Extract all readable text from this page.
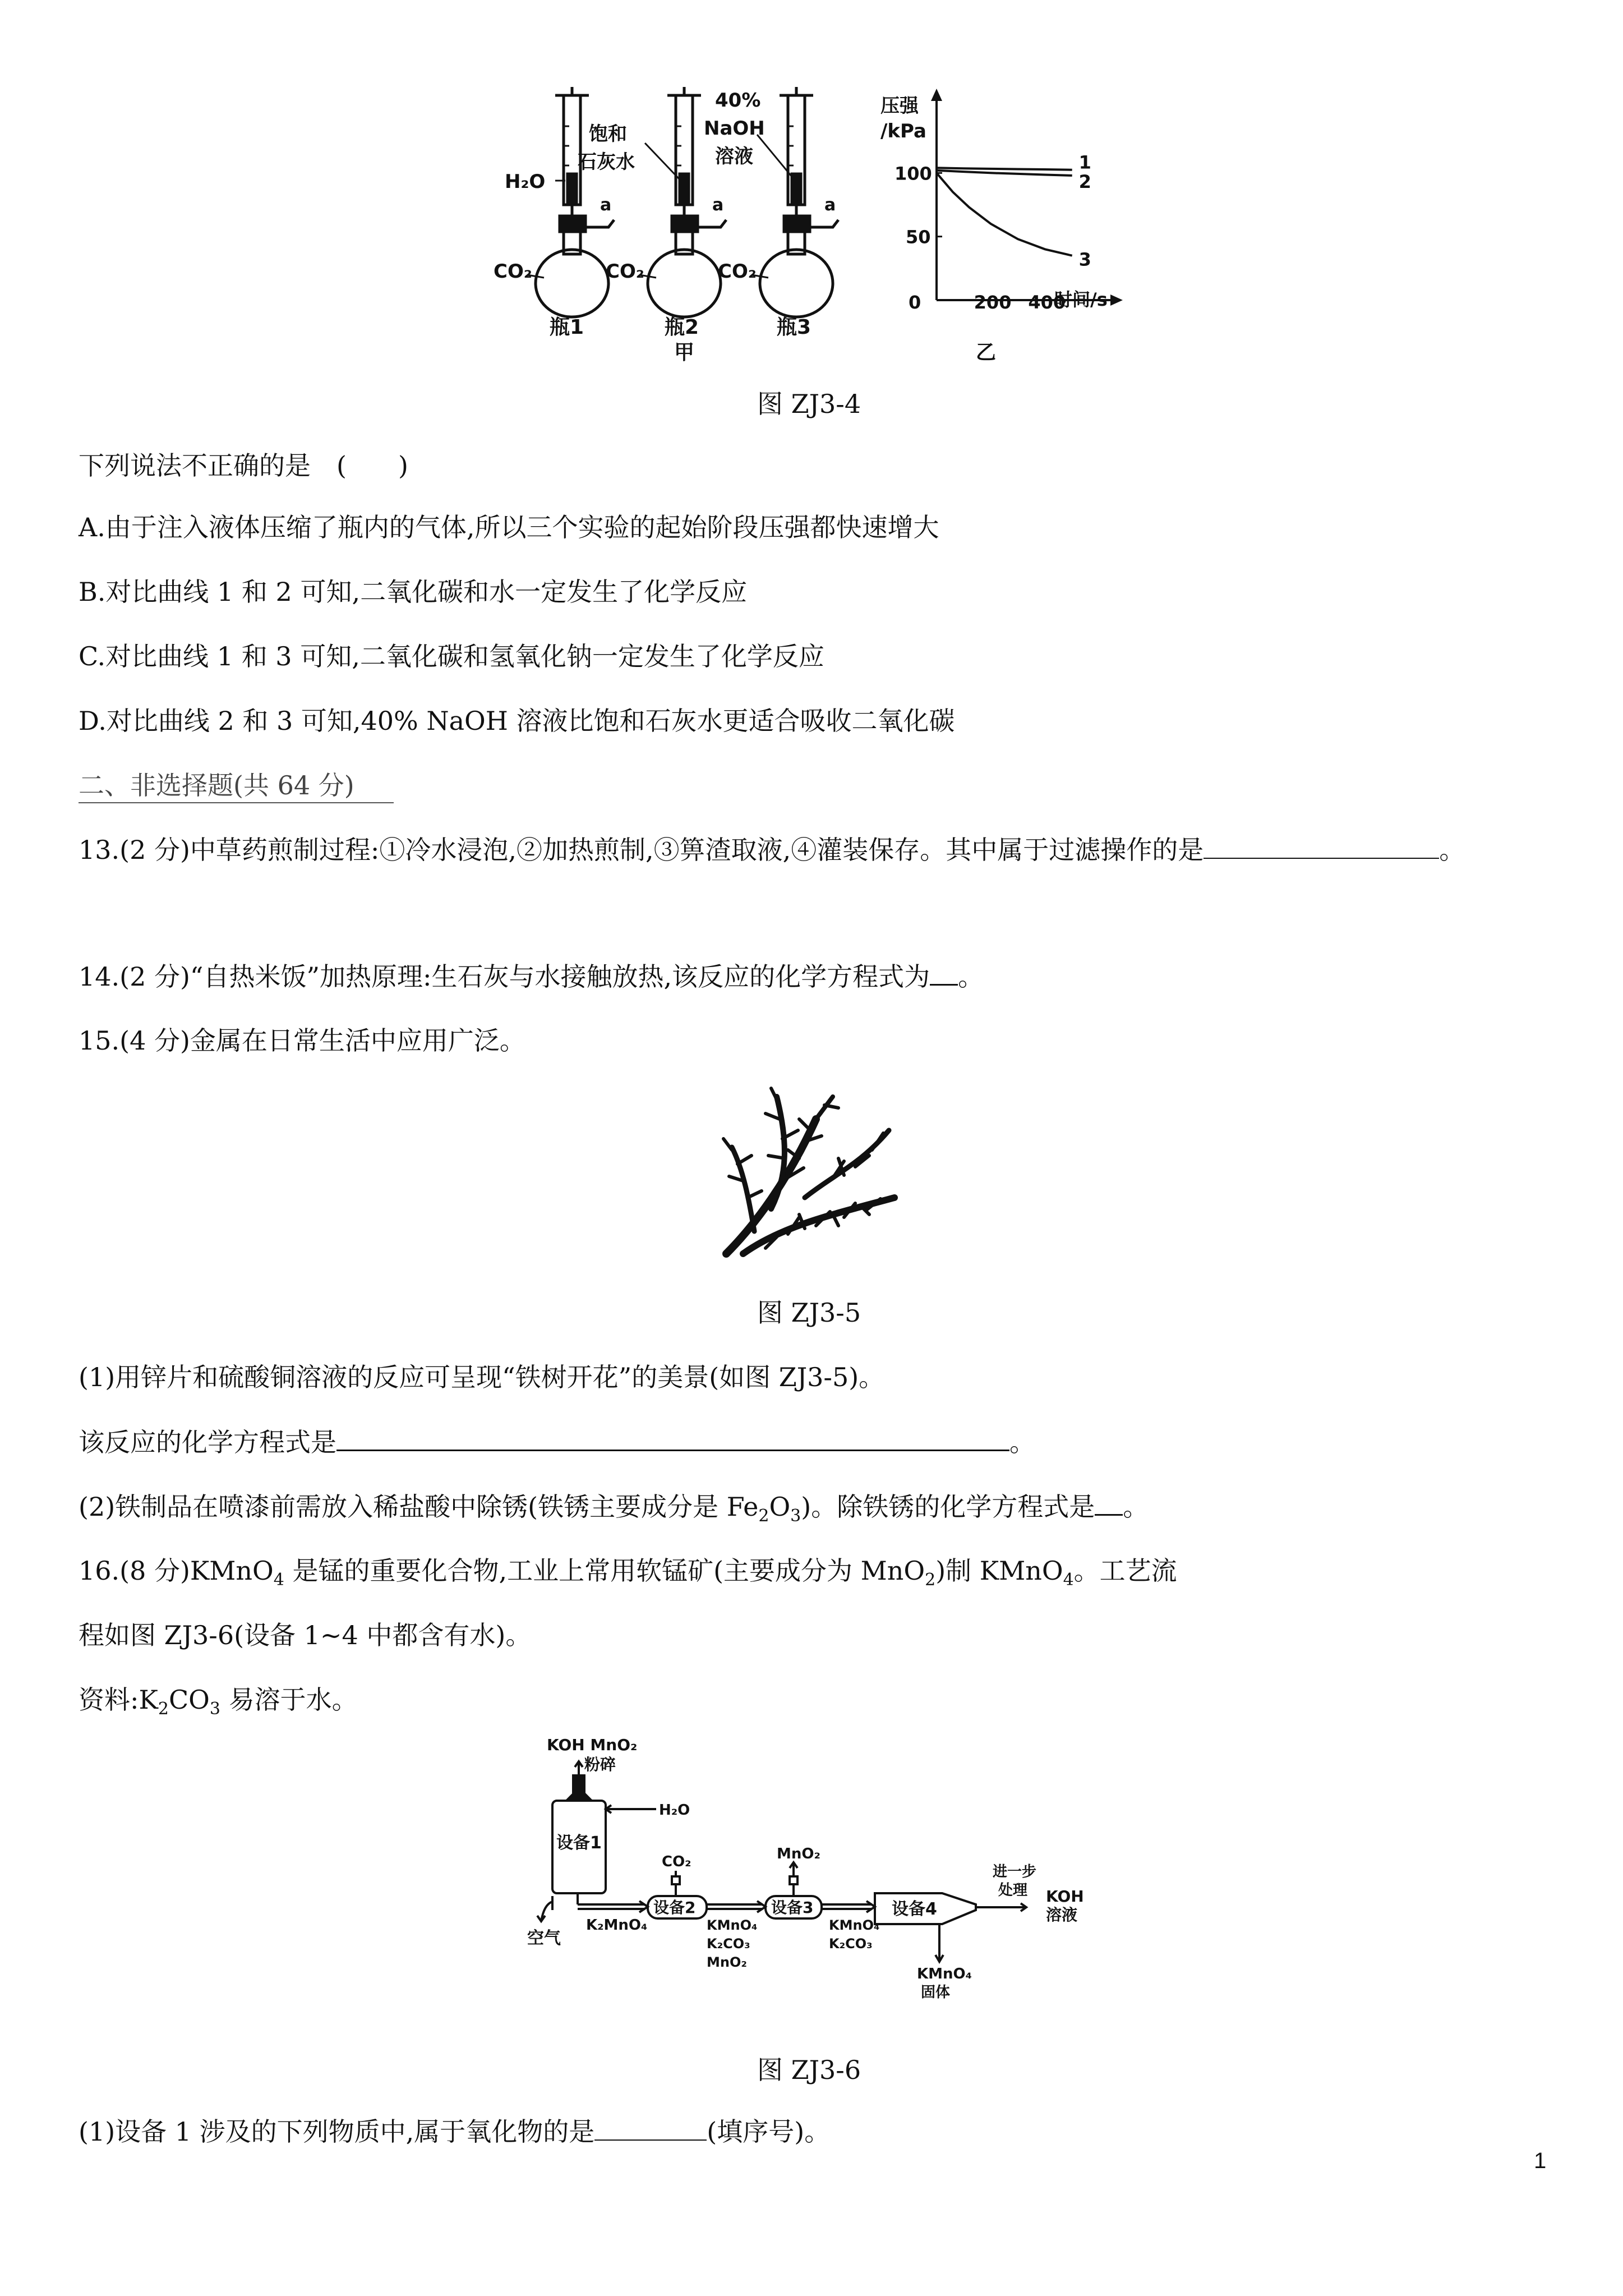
H₂O
饱和
石灰水
40%
NaOH
溶液
a	a	a
CO₂	CO₂	CO₂
瓶1	瓶2	瓶3
甲
压强
/kPa
时间/s
乙
0	200 400
50
100
1
2
3
图 ZJ3-4
下列说法不正确的是　(　　)
A.由于注入液体压缩了瓶内的气体,所以三个实验的起始阶段压强都快速增大
B.对比曲线 1 和 2 可知,二氧化碳和水一定发生了化学反应
C.对比曲线 1 和 3 可知,二氧化碳和氢氧化钠一定发生了化学反应
D.对比曲线 2 和 3 可知,40% NaOH 溶液比饱和石灰水更适合吸收二氧化碳
二、非选择题(共 64 分)
13.(2 分)中草药煎制过程:①冷水浸泡,②加热煎制,③箅渣取液,④灌装保存。其中属于过滤操作的是	。
14.(2 分)“自热米饭”加热原理:生石灰与水接触放热,该反应的化学方程式为 。
15.(4 分)金属在日常生活中应用广泛。
图 ZJ3-5
(1)用锌片和硫酸铜溶液的反应可呈现“铁树开花”的美景(如图 ZJ3-5)。
该反应的化学方程式是	。
(2)铁制品在喷漆前需放入稀盐酸中除锈(铁锈主要成分是 $Fe_2O_3$)。除铁锈的化学方程式是 。
16.(8 分)KMnO$_4$ 是锰的重要化合物,工业上常用软锰矿(主要成分为 MnO$_2$)制 KMnO$_4$。工艺流
程如图 ZJ3-6(设备 1~4 中都含有水)。
资料$:K_2CO_3$ 易溶于水。
KOH MnO₂
粉碎
H₂O
设备1
空气
K₂MnO₄
CO₂
设备2
KMnO₄
K₂CO₃
MnO₂
MnO₂
设备3
KMnO₄
K₂CO₃
设备4
进一步
处理 KOH
溶液
KMnO₄
固体
图 ZJ3-6
(1)设备 1 涉及的下列物质中,属于氧化物的是	(填序号)。
1
